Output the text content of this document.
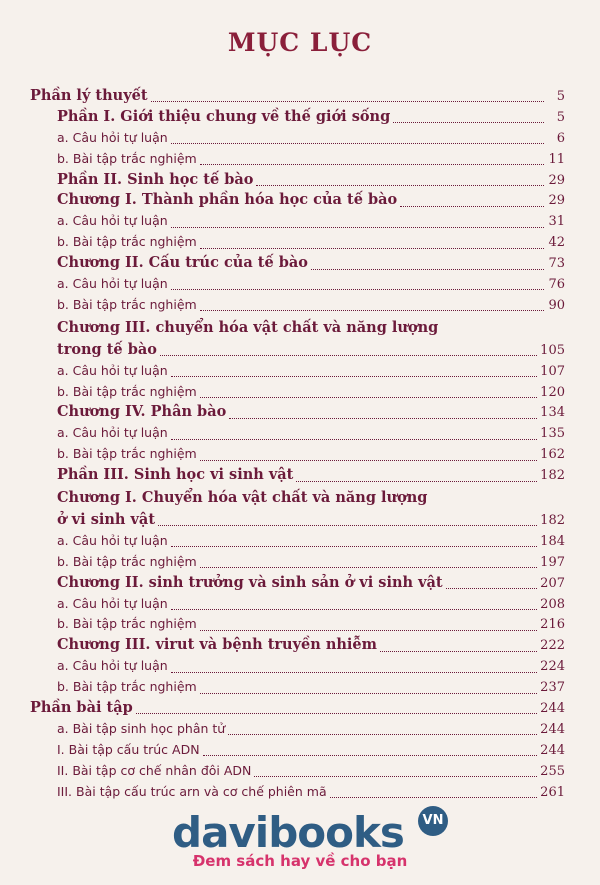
MỤC LỤC
Phần lý thuyết	5
Phần I. Giới thiệu chung về thế giới sống	5
a. Câu hỏi tự luận	6
b. Bài tập trắc nghiệm	11
Phần II. Sinh học tế bào	29
Chương I. Thành phần hóa học của tế bào	29
a. Câu hỏi tự luận	31
b. Bài tập trắc nghiệm	42
Chương II. Cấu trúc của tế bào	73
a. Câu hỏi tự luận	76
b. Bài tập trắc nghiệm	90
Chương III. chuyển hóa vật chất và năng lượng
trong tế bào	105
a. Câu hỏi tự luận	107
b. Bài tập trắc nghiệm	120
Chương IV. Phân bào	134
a. Câu hỏi tự luận	135
b. Bài tập trắc nghiệm	162
Phần III. Sinh học vi sinh vật	182
Chương I. Chuyển hóa vật chất và năng lượng
ở vi sinh vật	182
a. Câu hỏi tự luận	184
b. Bài tập trắc nghiệm	197
Chương II. sinh trưởng và sinh sản ở vi sinh vật	207
a. Câu hỏi tự luận	208
b. Bài tập trắc nghiệm	216
Chương III. virut và bệnh truyền nhiễm	222
a. Câu hỏi tự luận	224
b. Bài tập trắc nghiệm	237
Phần bài tập	244
a. Bài tập sinh học phân tử	244
I. Bài tập cấu trúc ADN	244
II. Bài tập cơ chế nhân đôi ADN	255
III. Bài tập cấu trúc arn và cơ chế phiên mã	261
davibooks	VN
Đem sách hay về cho bạn
